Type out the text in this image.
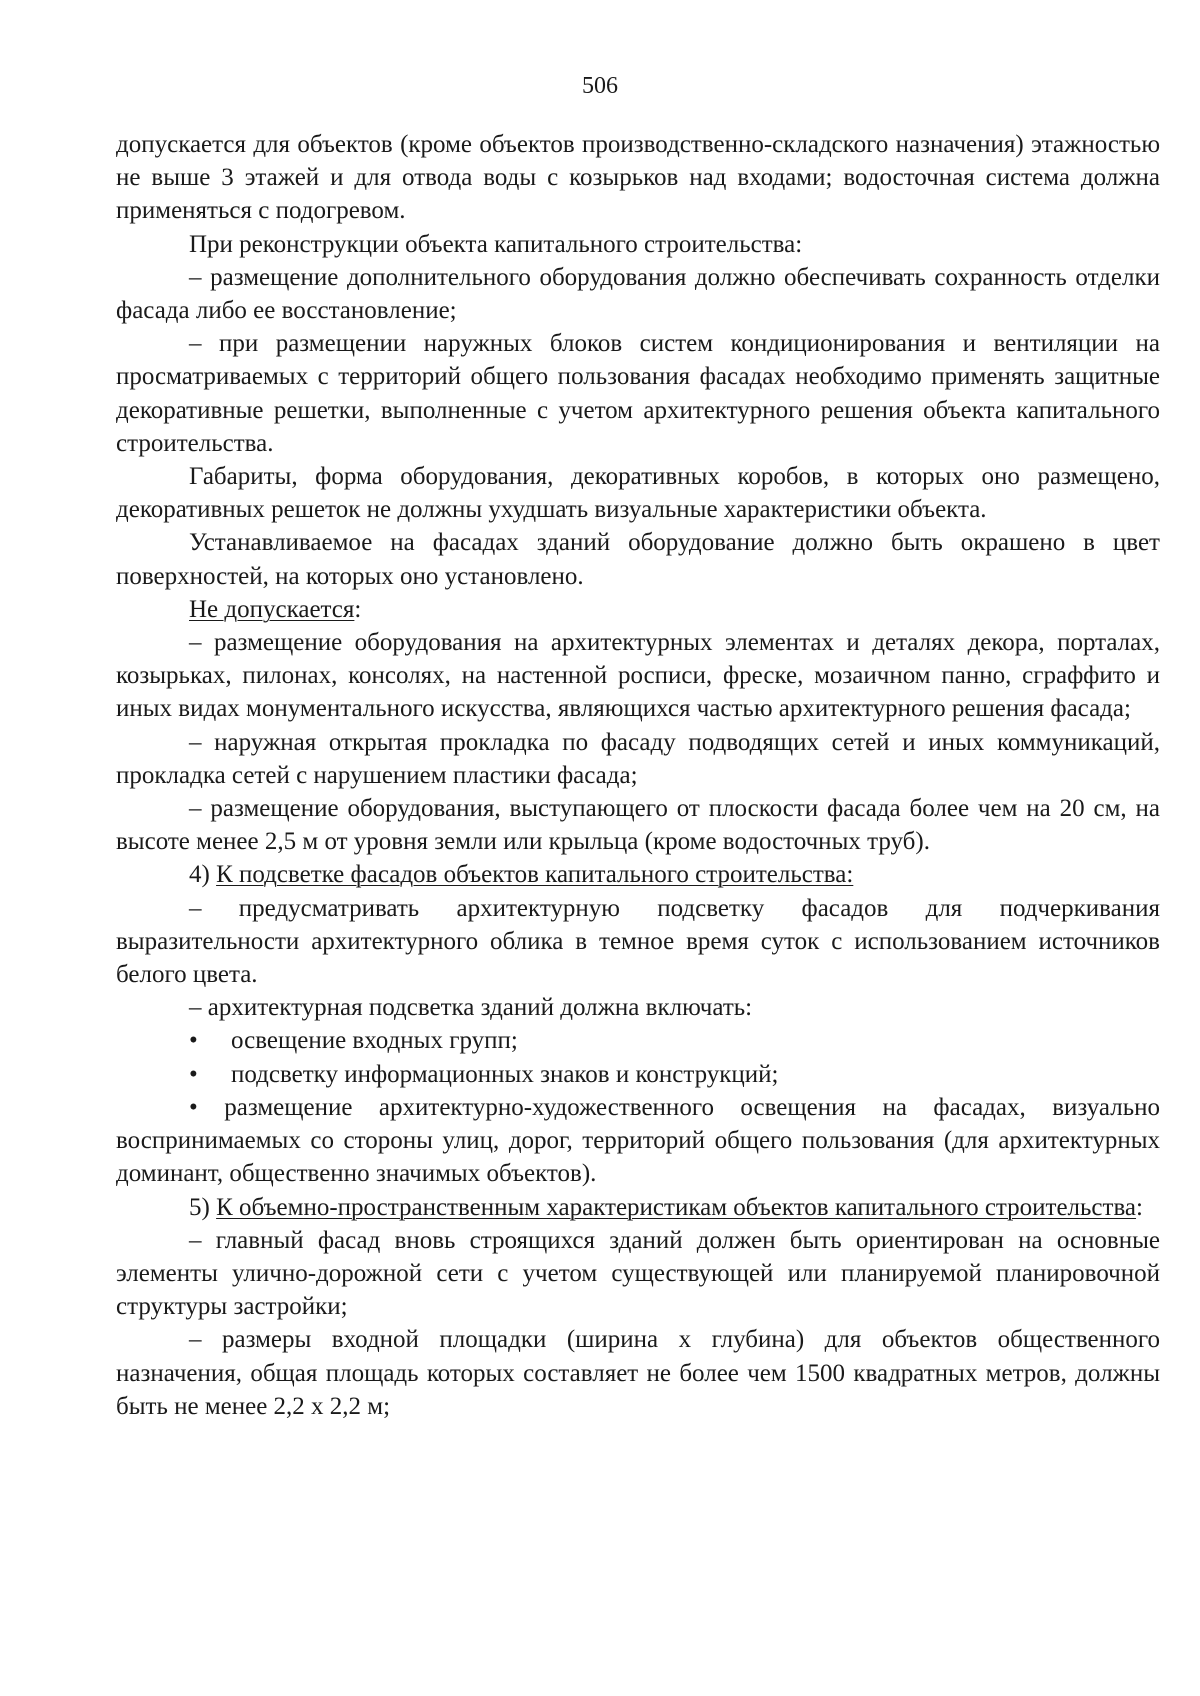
506

допускается для объектов (кроме объектов производственно-складского назначения) этажностью не выше 3 этажей и для отвода воды с козырьков над входами; водосточная система должна применяться с подогревом.

При реконструкции объекта капитального строительства:

– размещение дополнительного оборудования должно обеспечивать сохранность отделки фасада либо ее восстановление;

– при размещении наружных блоков систем кондиционирования и вентиляции на просматриваемых с территорий общего пользования фасадах необходимо применять защитные декоративные решетки, выполненные с учетом архитектурного решения объекта капитального строительства.

Габариты, форма оборудования, декоративных коробов, в которых оно размещено, декоративных решеток не должны ухудшать визуальные характеристики объекта.

Устанавливаемое на фасадах зданий оборудование должно быть окрашено в цвет поверхностей, на которых оно установлено.

Не допускается:

– размещение оборудования на архитектурных элементах и деталях декора, порталах, козырьках, пилонах, консолях, на настенной росписи, фреске, мозаичном панно, сграффито и иных видах монументального искусства, являющихся частью архитектурного решения фасада;

– наружная открытая прокладка по фасаду подводящих сетей и иных коммуникаций, прокладка сетей с нарушением пластики фасада;

– размещение оборудования, выступающего от плоскости фасада более чем на 20 см, на высоте менее 2,5 м от уровня земли или крыльца (кроме водосточных труб).

4) К подсветке фасадов объектов капитального строительства:

– предусматривать архитектурную подсветку фасадов для подчеркивания выразительности архитектурного облика в темное время суток с использованием источников белого цвета.

– архитектурная подсветка зданий должна включать:

•	освещение входных групп;
•	подсветку информационных знаков и конструкций;

• размещение архитектурно-художественного освещения на фасадах, визуально воспринимаемых со стороны улиц, дорог, территорий общего пользования (для архитектурных доминант, общественно значимых объектов).

5) К объемно-пространственным характеристикам объектов капитального строительства:

– главный фасад вновь строящихся зданий должен быть ориентирован на основные элементы улично-дорожной сети с учетом существующей или планируемой планировочной структуры застройки;

– размеры входной площадки (ширина х глубина) для объектов общественного назначения, общая площадь которых составляет не более чем 1500 квадратных метров, должны быть не менее 2,2 х 2,2 м;
